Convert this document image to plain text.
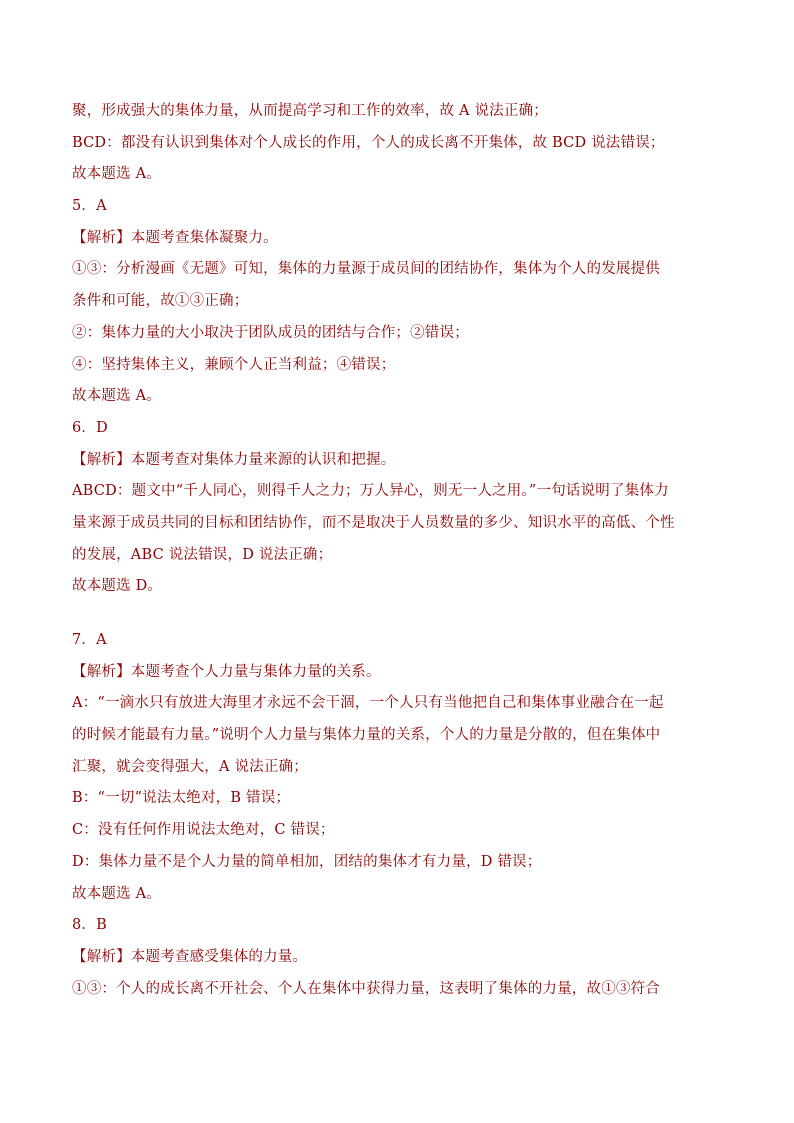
聚，形成强大的集体力量，从而提高学习和工作的效率，故 A 说法正确；
BCD：都没有认识到集体对个人成长的作用，个人的成长离不开集体，故 BCD 说法错误；
故本题选 A。
5．A
【解析】本题考查集体凝聚力。
①③：分析漫画《无题》可知，集体的力量源于成员间的团结协作，集体为个人的发展提供
条件和可能，故①③正确；
②：集体力量的大小取决于团队成员的团结与合作；②错误；
④：坚持集体主义，兼顾个人正当利益；④错误；
故本题选 A。
6．D
【解析】本题考查对集体力量来源的认识和把握。
ABCD：题文中“千人同心，则得千人之力；万人异心，则无一人之用。”一句话说明了集体力
量来源于成员共同的目标和团结协作，而不是取决于人员数量的多少、知识水平的高低、个性
的发展，ABC 说法错误，D 说法正确；
故本题选 D。
7．A
【解析】本题考查个人力量与集体力量的关系。
A：“一滴水只有放进大海里才永远不会干涸，一个人只有当他把自己和集体事业融合在一起
的时候才能最有力量。”说明个人力量与集体力量的关系，个人的力量是分散的，但在集体中
汇聚，就会变得强大，A 说法正确；
B：“一切”说法太绝对，B 错误；
C：没有任何作用说法太绝对，C 错误；
D：集体力量不是个人力量的简单相加，团结的集体才有力量，D 错误；
故本题选 A。
8．B
【解析】本题考查感受集体的力量。
①③：个人的成长离不开社会、个人在集体中获得力量，这表明了集体的力量，故①③符合
